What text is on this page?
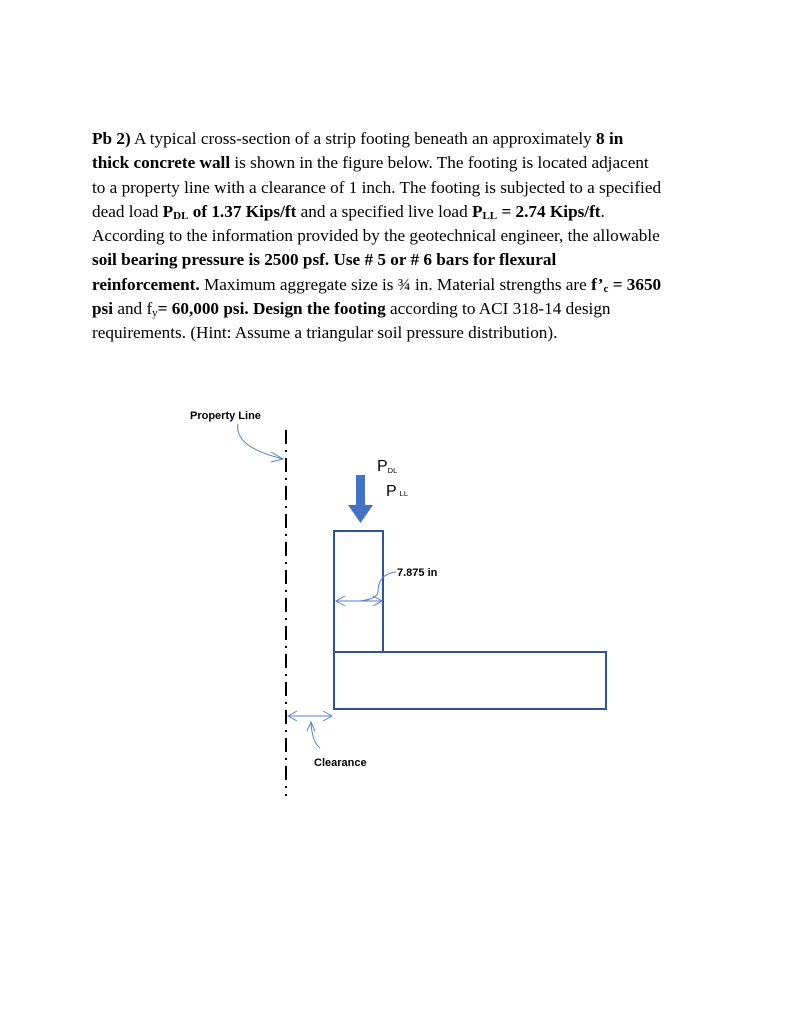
Pb 2) A typical cross-section of a strip footing beneath an approximately 8 in
thick concrete wall is shown in the figure below. The footing is located adjacent
to a property line with a clearance of 1 inch. The footing is subjected to a specified
dead load $P_{DL}$ of 1.37 Kips/ft and a specified live load $P_{LL} = 2.74$ Kips/ft.
According to the information provided by the geotechnical engineer, the allowable
soil bearing pressure is 2500 psf. Use # 5 or # 6 bars for flexural
reinforcement. Maximum aggregate size is ¾ in. Material strengths are $f’_c = 3650$
psi and $f_y= 60,000$ psi. Design the footing according to ACI 318-14 design
requirements. (Hint: Assume a triangular soil pressure distribution).

Property Line
PDL
PLL
7.875 in
Clearance
